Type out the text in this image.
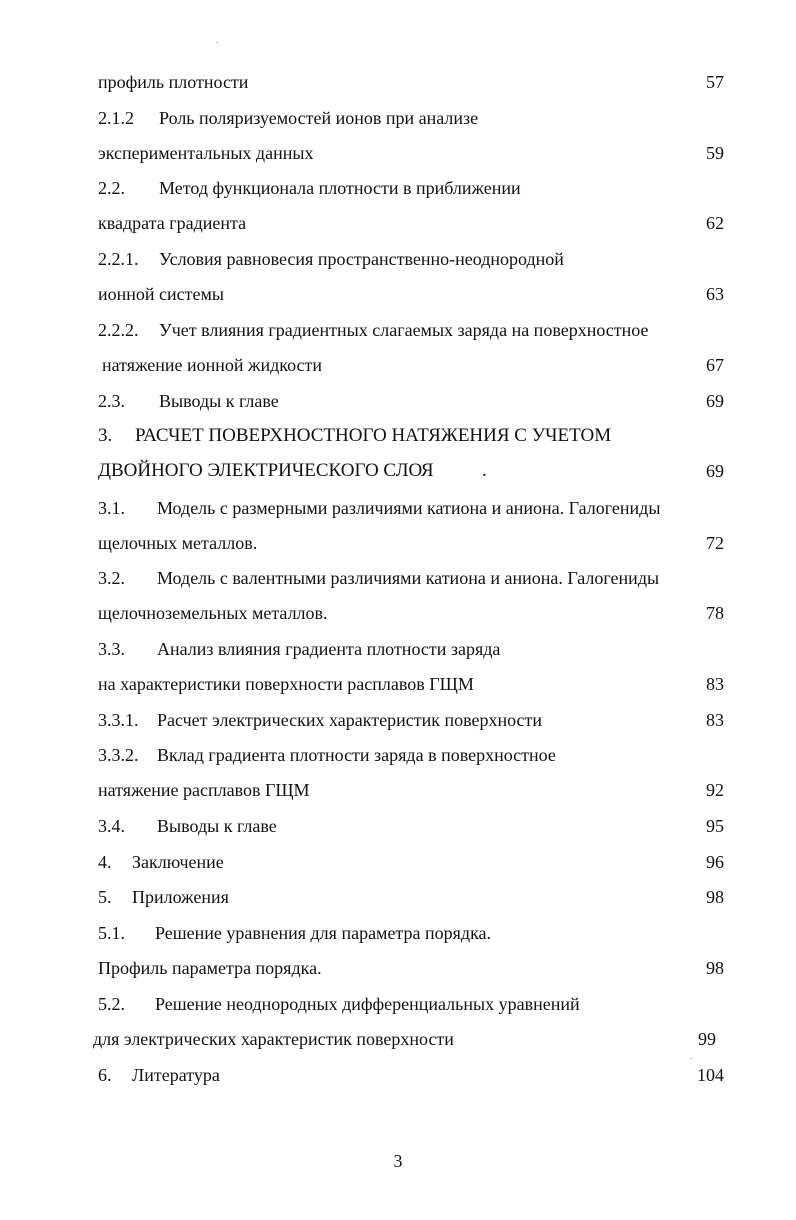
профиль плотности	57
2.1.2 Роль поляризуемостей ионов при анализе
экспериментальных данных	59
2.2. Метод функционала плотности в приближении
квадрата градиента	62
2.2.1. Условия равновесия пространственно-неоднородной
ионной системы	63
2.2.2. Учет влияния градиентных слагаемых заряда на поверхностное
натяжение ионной жидкости	67
2.3. Выводы к главе	69
3. РАСЧЕТ ПОВЕРХНОСТНОГО НАТЯЖЕНИЯ С УЧЕТОМ
ДВОЙНОГО ЭЛЕКТРИЧЕСКОГО СЛОЯ	.	69
3.1. Модель с размерными различиями катиона и аниона. Галогениды
щелочных металлов.	72
3.2. Модель с валентными различиями катиона и аниона. Галогениды
щелочноземельных металлов.	78
3.3. Анализ влияния градиента плотности заряда
на характеристики поверхности расплавов ГЩМ	83
3.3.1. Расчет электрических характеристик поверхности	83
3.3.2. Вклад градиента плотности заряда в поверхностное
натяжение расплавов ГЩМ	92
3.4. Выводы к главе	95
4. Заключение	96
5. Приложения	98
5.1. Решение уравнения для параметра порядка.
Профиль параметра порядка.	98
5.2. Решение неоднородных дифференциальных уравнений
для электрических характеристик поверхности	99
6. Литература	104
3
